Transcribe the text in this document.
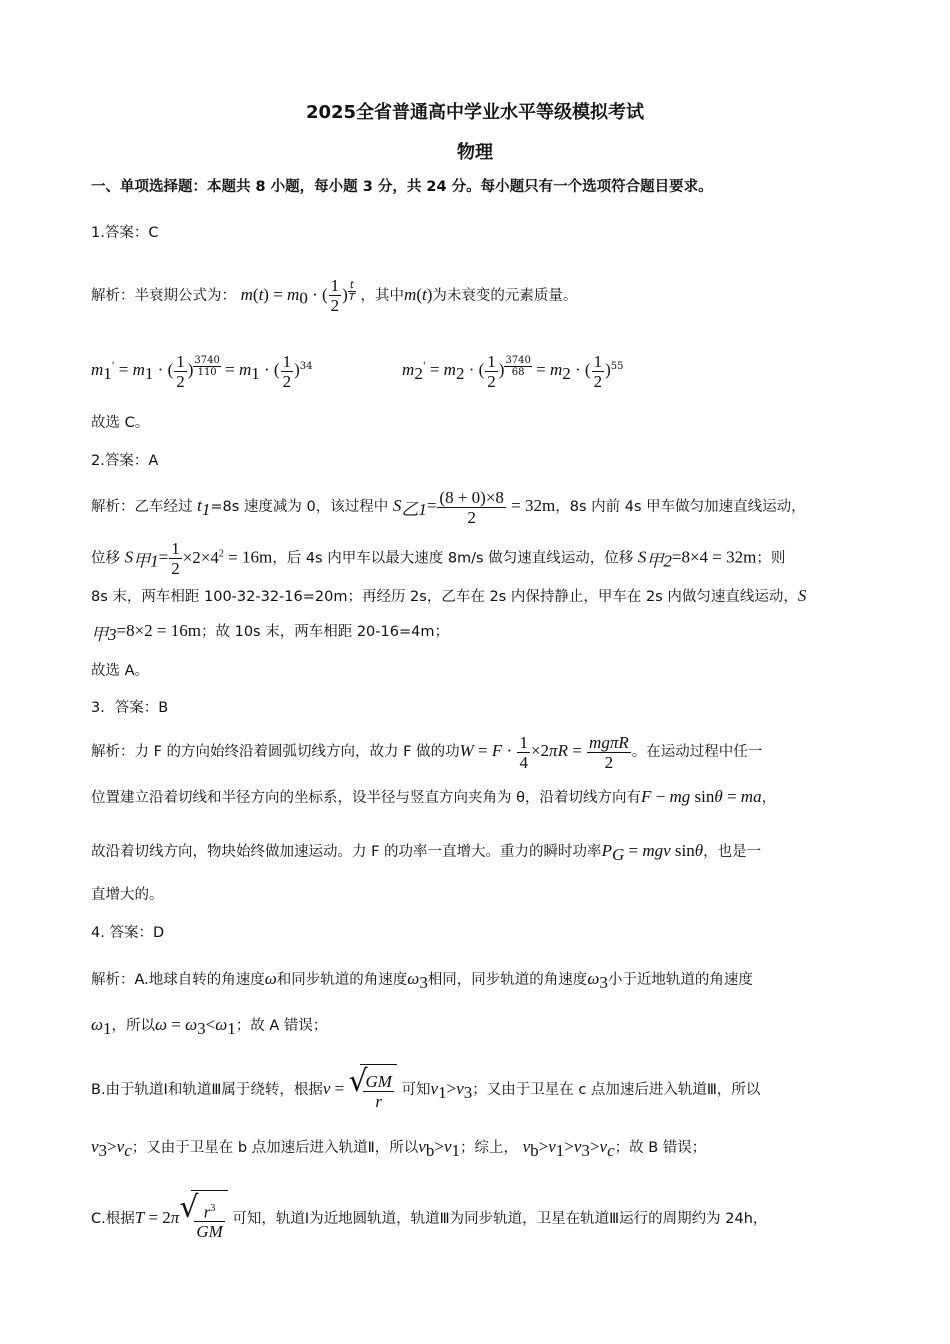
2025全省普通高中学业水平等级模拟考试
物理
一、单项选择题：本题共 8 小题，每小题 3 分，共 24 分。每小题只有一个选项符合题目要求。
1.答案：C
解析：半衰期公式为： $m(t) = m_0$ · ( $\frac{1}{2}$ ) $^{\frac{t}{T}}$ ，其中m(t)为未衰变的元素质量。
$m_1' = m_1$ · ( $\frac{1}{2}$ ) $^{\frac{3740}{110}} = m_1$ · ( $\frac{1}{2} )^{34}$	$m_2' = m_2$ · ( $\frac{1}{2}$ ) $^{\frac{3740}{68}} = m_2$ · ( $\frac{1}{2} )^{55}$
故选 C。
2.答案：A
解析：乙车经过 $t_1=8s$ 速度减为 0，该过程中 $S_{乙1}= \frac{(8 + 0)\times 8}{2} = 32m$，8s 内前 4s 甲车做匀加速直线运动，
位移 $S_{甲1}= \frac{1}{2} \times 2\times 4^2 = 16m$，后 4s 内甲车以最大速度 8m/s 做匀速直线运动，位移 $S_{甲2}=8\times 4 = 32m$；则
8s 末，两车相距 100-32-32-16=20m；再经历 2s，乙车在 2s 内保持静止，甲车在 2s 内做匀速直线运动，S
$_{甲3}$=8×2 = 16m；故 10s 末，两车相距 20-16=4m；
故选 A。
3．答案：B
解析：力 F 的方向始终沿着圆弧切线方向，故力 F 做的功$W = F \cdot \frac{1}{4} \times 2\pi R = \frac{\text{mgπR}}{2}$ 。在运动过程中任一
位置建立沿着切线和半径方向的坐标系，设半径与竖直方向夹角为 θ，沿着切线方向有F − mg sinθ = ma，
故沿着切线方向，物块始终做加速运动。力 F 的功率一直增大。重力的瞬时功率$P_G$ = mgv sinθ，也是一
直增大的。
4. 答案：D
解析：A.地球自转的角速度ω和同步轨道的角速度$\omega_3$相同，同步轨道的角速度$\omega_3$小于近地轨道的角速度
$\omega_1$，所以$\omega = \omega_3<\omega_1$；故 A 错误；
B.由于轨道Ⅰ和轨道Ⅲ属于绕转，根据v = √
$\frac{GM}{r}$ 可知$v_1>v_3$；又由于卫星在 c 点加速后进入轨道Ⅲ，所以
$v_3>v_c$；又由于卫星在 b 点加速后进入轨道Ⅱ，所以$v_b>v_1$；综上， $v_b>v_1>v_3>v_c$；故 B 错误；
C.根据T = 2π √
$\frac{r^3}{GM}$ 可知，轨道Ⅰ为近地圆轨道，轨道Ⅲ为同步轨道，卫星在轨道Ⅲ运行的周期约为 24h，
